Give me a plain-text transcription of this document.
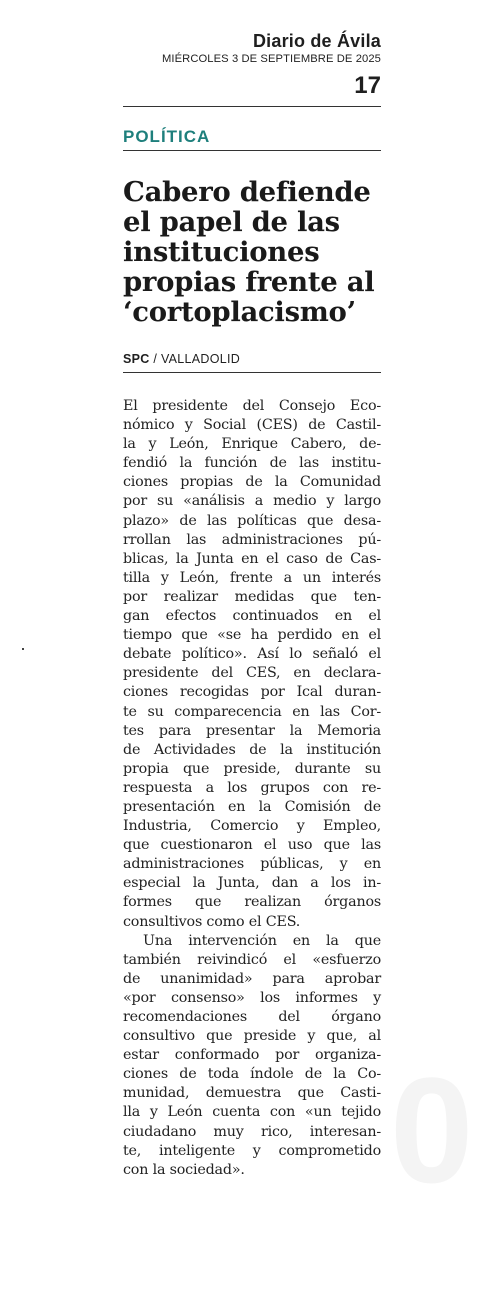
0
Diario de Ávila
MIÉRCOLES 3 DE SEPTIEMBRE DE 2025
17
POLÍTICA
Cabero defiende
el papel de las
instituciones
propias frente al
‘cortoplacismo’
SPC / VALLADOLID
El presidente del Consejo Eco-
nómico y Social (CES) de Castil-
la y León, Enrique Cabero, de-
fendió la función de las institu-
ciones propias de la Comunidad
por su «análisis a medio y largo
plazo» de las políticas que desa-
rrollan las administraciones pú-
blicas, la Junta en el caso de Cas-
tilla y León, frente a un interés
por realizar medidas que ten-
gan efectos continuados en el
tiempo que «se ha perdido en el
debate político». Así lo señaló el
presidente del CES, en declara-
ciones recogidas por Ical duran-
te su comparecencia en las Cor-
tes para presentar la Memoria
de Actividades de la institución
propia que preside, durante su
respuesta a los grupos con re-
presentación en la Comisión de
Industria, Comercio y Empleo,
que cuestionaron el uso que las
administraciones públicas, y en
especial la Junta, dan a los in-
formes que realizan órganos
consultivos como el CES.
Una intervención en la que
también reivindicó el «esfuerzo
de unanimidad» para aprobar
«por consenso» los informes y
recomendaciones del órgano
consultivo que preside y que, al
estar conformado por organiza-
ciones de toda índole de la Co-
munidad, demuestra que Casti-
lla y León cuenta con «un tejido
ciudadano muy rico, interesan-
te, inteligente y comprometido
con la sociedad».
